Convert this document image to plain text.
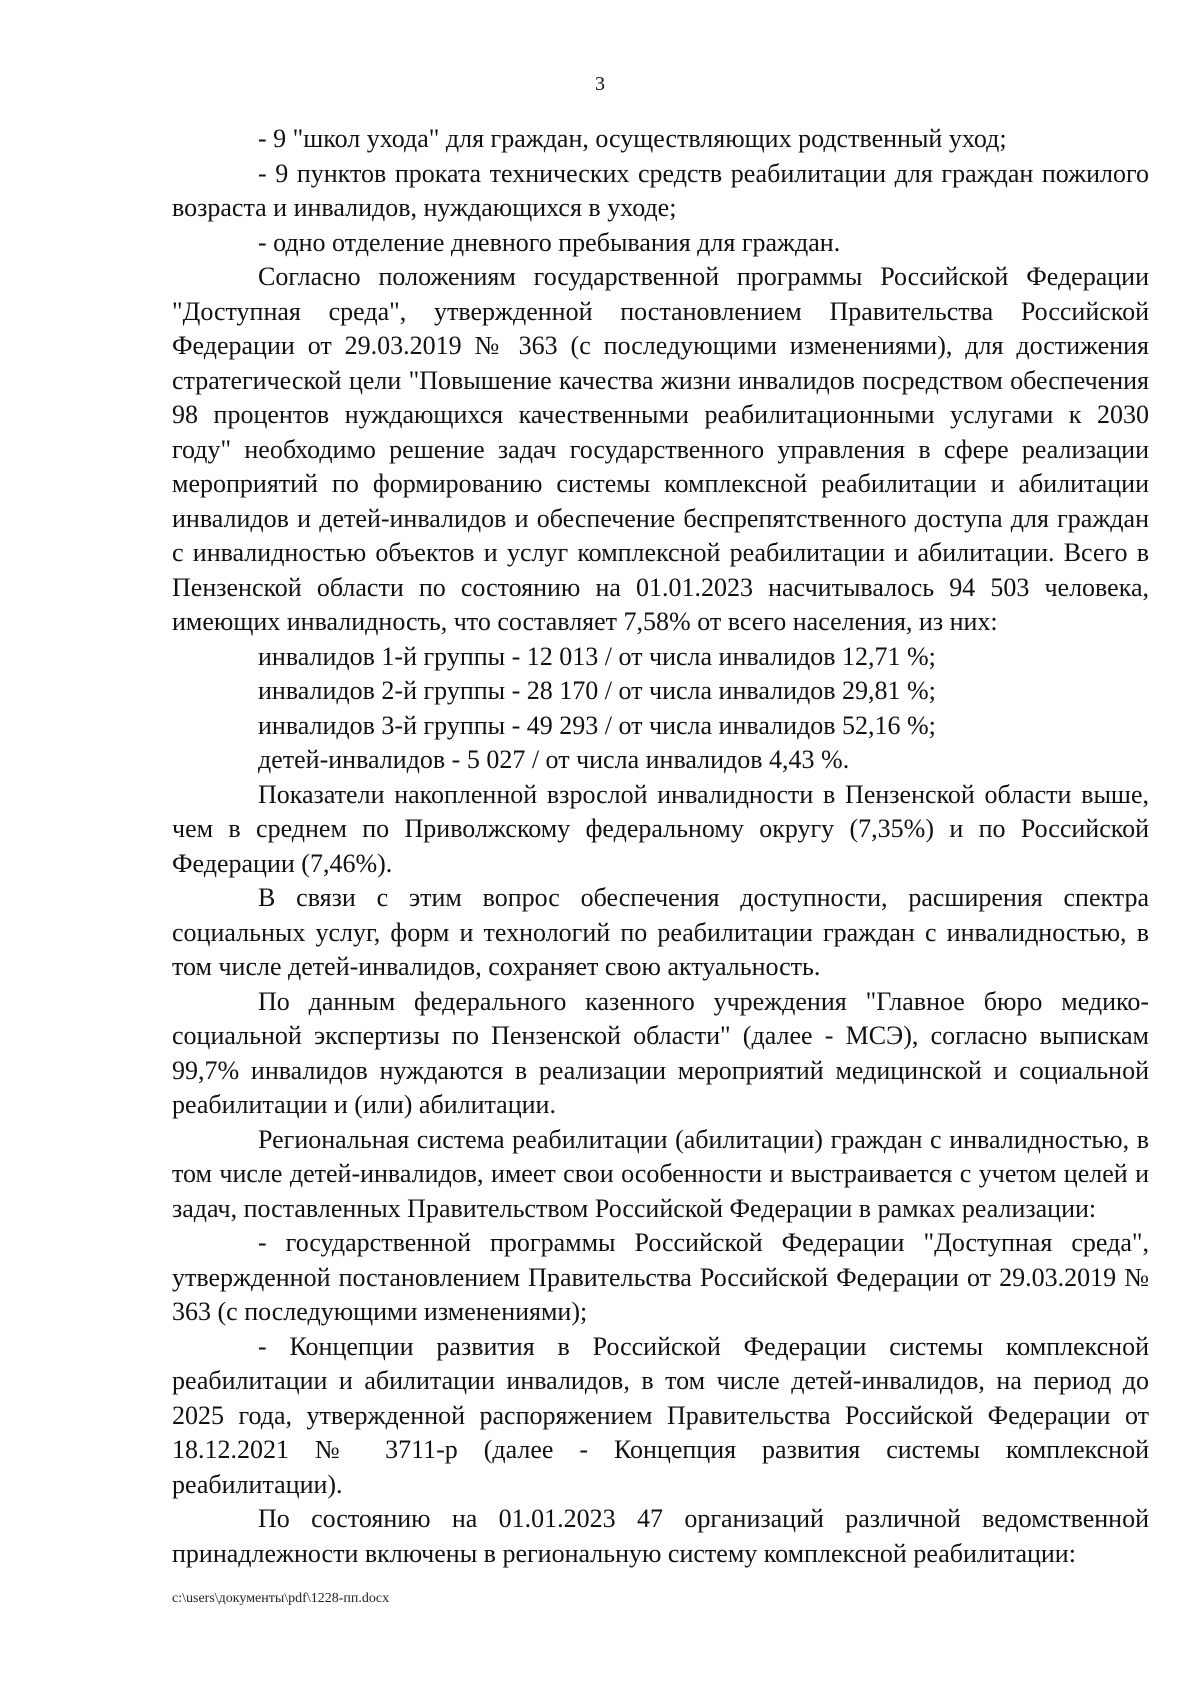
3

- 9 "школ ухода" для граждан, осуществляющих родственный уход;

- 9 пунктов проката технических средств реабилитации для граждан пожилого возраста и инвалидов, нуждающихся в уходе;

- одно отделение дневного пребывания для граждан.

Согласно положениям государственной программы Российской Федерации "Доступная среда", утвержденной постановлением Правительства Российской Федерации от 29.03.2019 № 363 (с последующими изменениями), для достижения стратегической цели "Повышение качества жизни инвалидов посредством обеспечения 98 процентов нуждающихся качественными реабилитационными услугами к 2030 году" необходимо решение задач государственного управления в сфере реализации мероприятий по формированию системы комплексной реабилитации и абилитации инвалидов и детей-инвалидов и обеспечение беспрепятственного доступа для граждан с инвалидностью объектов и услуг комплексной реабилитации и абилитации. Всего в Пензенской области по состоянию на 01.01.2023 насчитывалось 94 503 человека, имеющих инвалидность, что составляет 7,58% от всего населения, из них:

инвалидов 1-й группы - 12 013 / от числа инвалидов 12,71 %;

инвалидов 2-й группы - 28 170 / от числа инвалидов 29,81 %;

инвалидов 3-й группы - 49 293 / от числа инвалидов 52,16 %;

детей-инвалидов - 5 027 / от числа инвалидов 4,43 %.

Показатели накопленной взрослой инвалидности в Пензенской области выше, чем в среднем по Приволжскому федеральному округу (7,35%) и по Российской Федерации (7,46%).

В связи с этим вопрос обеспечения доступности, расширения спектра социальных услуг, форм и технологий по реабилитации граждан с инвалидностью, в том числе детей-инвалидов, сохраняет свою актуальность.

По данным федерального казенного учреждения "Главное бюро медико-социальной экспертизы по Пензенской области" (далее - МСЭ), согласно выпискам 99,7% инвалидов нуждаются в реализации мероприятий медицинской и социальной реабилитации и (или) абилитации.

Региональная система реабилитации (абилитации) граждан с инвалидностью, в том числе детей-инвалидов, имеет свои особенности и выстраивается с учетом целей и задач, поставленных Правительством Российской Федерации в рамках реализации:

- государственной программы Российской Федерации "Доступная среда", утвержденной постановлением Правительства Российской Федерации от 29.03.2019 № 363 (с последующими изменениями);

- Концепции развития в Российской Федерации системы комплексной реабилитации и абилитации инвалидов, в том числе детей-инвалидов, на период до 2025 года, утвержденной распоряжением Правительства Российской Федерации от 18.12.2021 № 3711-р (далее - Концепция развития системы комплексной реабилитации).

По состоянию на 01.01.2023 47 организаций различной ведомственной принадлежности включены в региональную систему комплексной реабилитации:

c:\users\документы\pdf\1228-пп.docx
